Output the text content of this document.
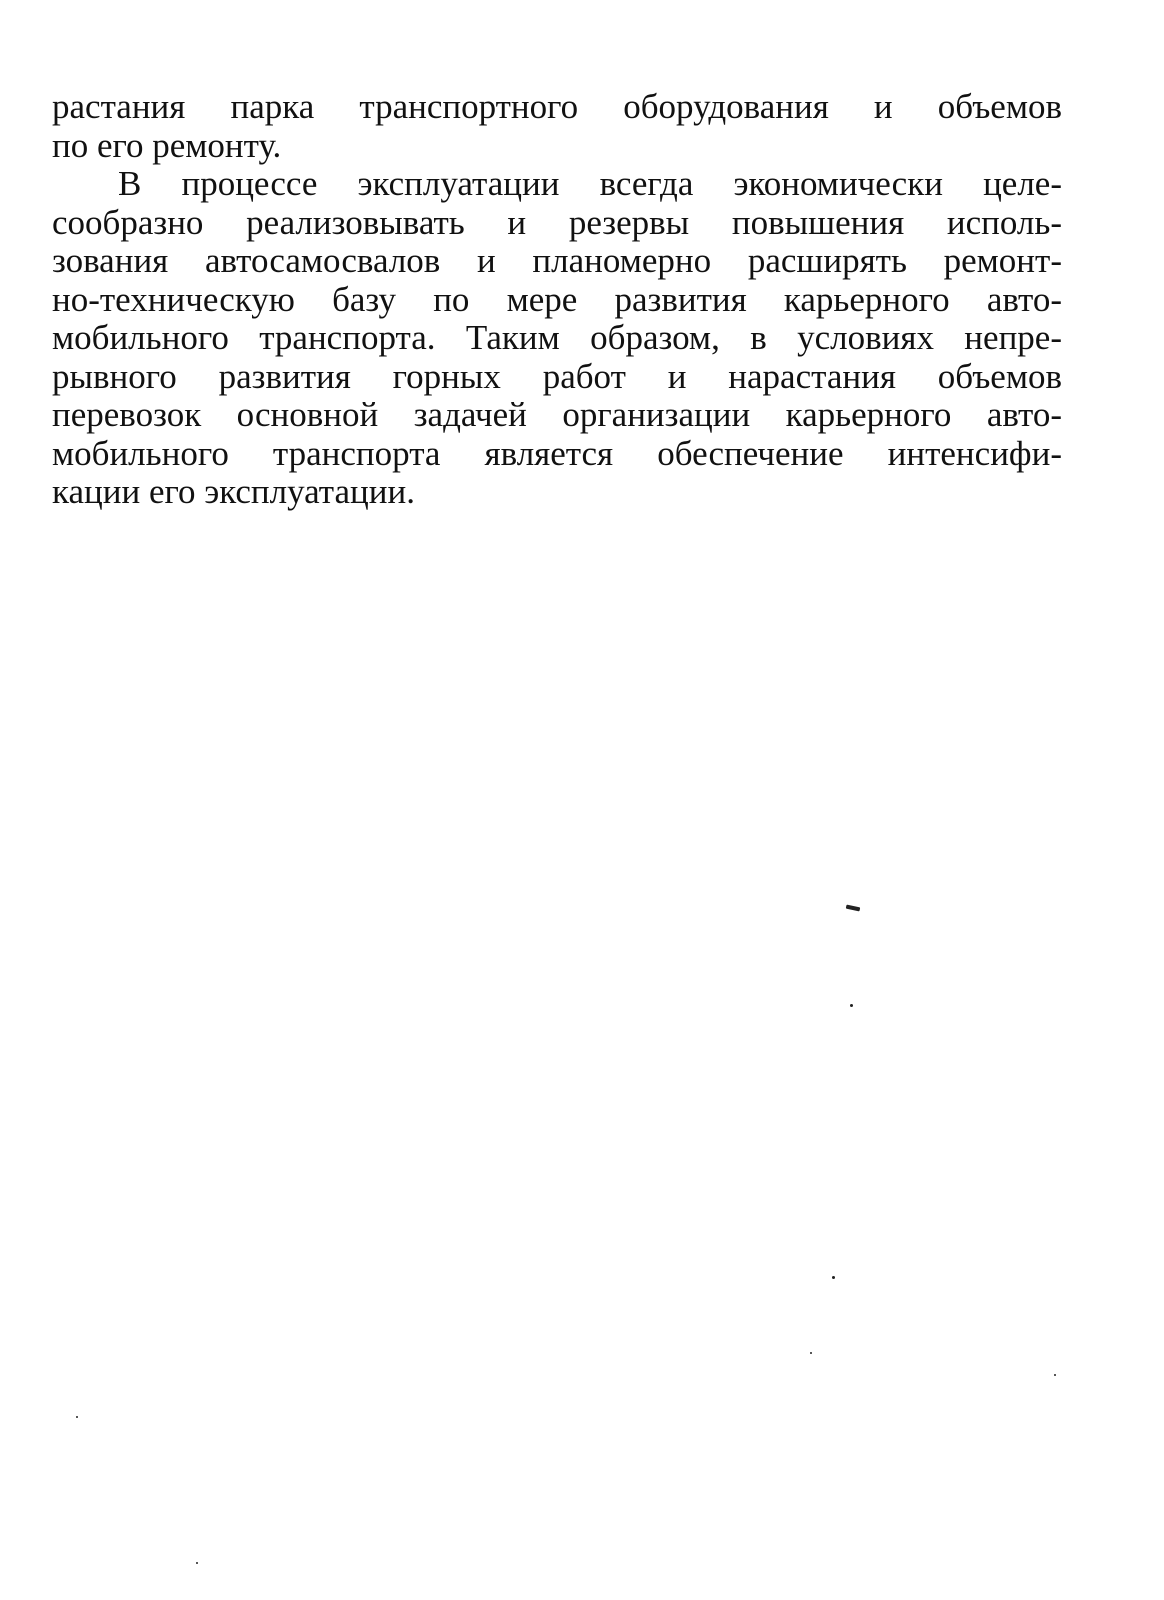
растания парка транспортного оборудования и объемов
по его ремонту.
В процессе эксплуатации всегда экономически целе-
сообразно реализовывать и резервы повышения исполь-
зования автосамосвалов и планомерно расширять ремонт-
но-техническую базу по мере развития карьерного авто-
мобильного транспорта. Таким образом, в условиях непре-
рывного развития горных работ и нарастания объемов
перевозок основной задачей организации карьерного авто-
мобильного транспорта является обеспечение интенсифи-
кации его эксплуатации.
